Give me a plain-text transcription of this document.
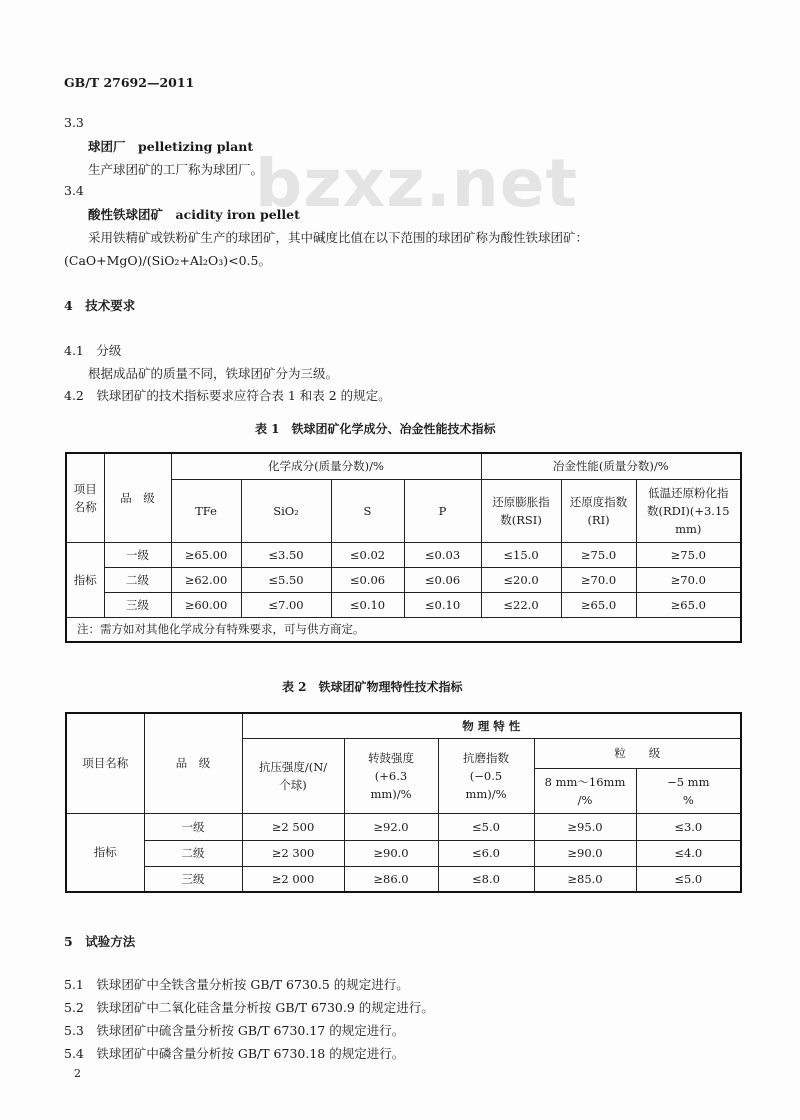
bzxz.net
GB/T 27692—2011
3.3
球团厂　pelletizing plant
生产球团矿的工厂称为球团厂。
3.4
酸性铁球团矿　acidity iron pellet
采用铁精矿或铁粉矿生产的球团矿，其中碱度比值在以下范围的球团矿称为酸性铁球团矿：
(CaO+MgO)/(SiO₂+Al₂O₃)<0.5。
4　技术要求
4.1　分级
根据成品矿的质量不同，铁球团矿分为三级。
4.2　铁球团矿的技术指标要求应符合表 1 和表 2 的规定。
表 1　铁球团矿化学成分、冶金性能技术指标
项目名称	品　级	化学成分(质量分数)/%				冶金性能(质量分数)/%		
		TFe	SiO₂	S	P	还原膨胀指数(RSI)	还原度指数(RI)	低温还原粉化指数(RDI)(+3.15 mm)
指标	一级	≥65.00	≤3.50	≤0.02	≤0.03	≤15.0	≥75.0	≥75.0
	二级	≥62.00	≤5.50	≤0.06	≤0.06	≤20.0	≥70.0	≥70.0
	三级	≥60.00	≤7.00	≤0.10	≤0.10	≤22.0	≥65.0	≥65.0
注：需方如对其他化学成分有特殊要求，可与供方商定。								
表 2　铁球团矿物理特性技术指标
项目名称	品　级	物 理 特 性				
		抗压强度/(N/个球)	转鼓强度(+6.3 mm)/%	抗磨指数(−0.5 mm)/%	粒　　级	
					8 mm～16mm /%	−5 mm %
指标	一级	≥2 500	≥92.0	≤5.0	≥95.0	≤3.0
	二级	≥2 300	≥90.0	≤6.0	≥90.0	≤4.0
	三级	≥2 000	≥86.0	≤8.0	≥85.0	≤5.0
5　试验方法
5.1　铁球团矿中全铁含量分析按 GB/T 6730.5 的规定进行。
5.2　铁球团矿中二氧化硅含量分析按 GB/T 6730.9 的规定进行。
5.3　铁球团矿中硫含量分析按 GB/T 6730.17 的规定进行。
5.4　铁球团矿中磷含量分析按 GB/T 6730.18 的规定进行。
2
